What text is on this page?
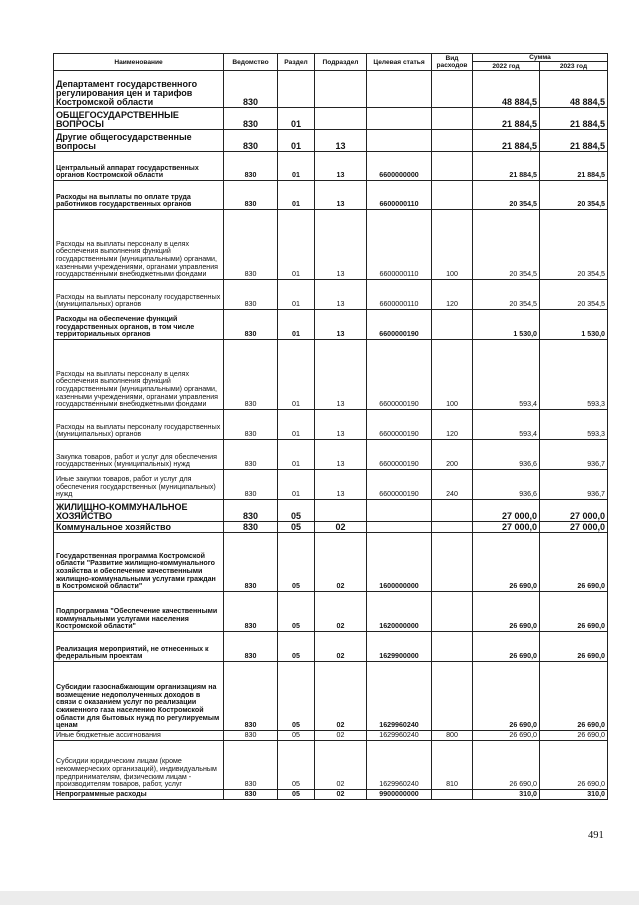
Наименование	Ведомство	Раздел	Подраздел	Целевая статья	Вид расходов	Сумма	
						2022 год	2023 год
Департамент государственного регулирования цен и тарифов Костромской области	830					48 884,5	48 884,5
ОБЩЕГОСУДАРСТВЕННЫЕ ВОПРОСЫ	830	01				21 884,5	21 884,5
Другие общегосударственные вопросы	830	01	13			21 884,5	21 884,5
Центральный аппарат государственных органов Костромской области	830	01	13	6600000000		21 884,5	21 884,5
Расходы на выплаты по оплате труда работников государственных органов	830	01	13	6600000110		20 354,5	20 354,5
Расходы на выплаты персоналу в целях обеспечения выполнения функций государственными (муниципальными) органами, казенными учреждениями, органами управления государственными внебюджетными фондами	830	01	13	6600000110	100	20 354,5	20 354,5
Расходы на выплаты персоналу государственных (муниципальных) органов	830	01	13	6600000110	120	20 354,5	20 354,5
Расходы на обеспечение функций государственных органов, в том числе территориальных органов	830	01	13	6600000190		1 530,0	1 530,0
Расходы на выплаты персоналу в целях обеспечения выполнения функций государственными (муниципальными) органами, казенными учреждениями, органами управления государственными внебюджетными фондами	830	01	13	6600000190	100	593,4	593,3
Расходы на выплаты персоналу государственных (муниципальных) органов	830	01	13	6600000190	120	593,4	593,3
Закупка товаров, работ и услуг для обеспечения государственных (муниципальных) нужд	830	01	13	6600000190	200	936,6	936,7
Иные закупки товаров, работ и услуг для обеспечения государственных (муниципальных) нужд	830	01	13	6600000190	240	936,6	936,7
ЖИЛИЩНО-КОММУНАЛЬНОЕ ХОЗЯЙСТВО	830	05				27 000,0	27 000,0
Коммунальное хозяйство	830	05	02			27 000,0	27 000,0
Государственная программа Костромской области "Развитие жилищно-коммунального хозяйства и обеспечение качественными жилищно-коммунальными услугами граждан в Костромской области"	830	05	02	1600000000		26 690,0	26 690,0
Подпрограмма "Обеспечение качественными коммунальными услугами населения Костромской области"	830	05	02	1620000000		26 690,0	26 690,0
Реализация мероприятий, не отнесенных к федеральным проектам	830	05	02	1629900000		26 690,0	26 690,0
Субсидии газоснабжающим организациям на возмещение недополученных доходов в связи с оказанием услуг по реализации сжиженного газа населению Костромской области для бытовых нужд по регулируемым ценам	830	05	02	1629960240		26 690,0	26 690,0
Иные бюджетные ассигнования	830	05	02	1629960240	800	26 690,0	26 690,0
Субсидии юридическим лицам (кроме некоммерческих организаций), индивидуальным предпринимателям, физическим лицам - производителям товаров, работ, услуг	830	05	02	1629960240	810	26 690,0	26 690,0
Непрограммные расходы	830	05	02	9900000000		310,0	310,0
491
